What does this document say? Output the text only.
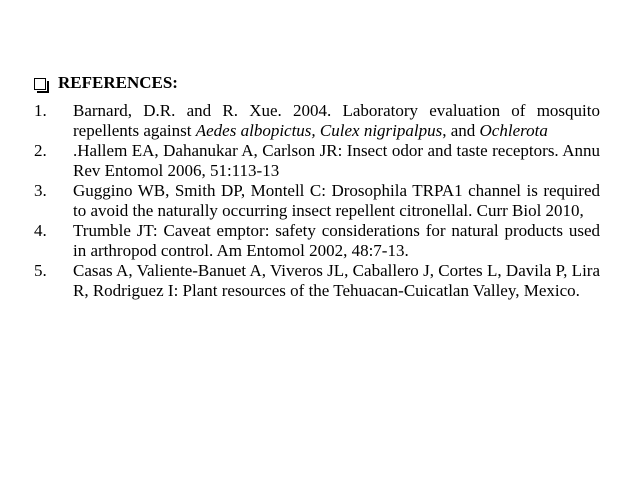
REFERENCES:
1.	Barnard, D.R. and R. Xue. 2004. Laboratory evaluation of mosquito repellents against Aedes albopictus, Culex nigripalpus, and Ochlerota
2.	.Hallem EA, Dahanukar A, Carlson JR: Insect odor and taste receptors. Annu Rev Entomol 2006, 51:113-13
3.	Guggino WB, Smith DP, Montell C: Drosophila TRPA1 channel is required to avoid the naturally occurring insect repellent citronellal. Curr Biol 2010,
4.	Trumble JT: Caveat emptor: safety considerations for natural products used in arthropod control. Am Entomol 2002, 48:7-13.
5.	Casas A, Valiente-Banuet A, Viveros JL, Caballero J, Cortes L, Davila P, Lira R, Rodriguez I: Plant resources of the Tehuacan-Cuicatlan Valley, Mexico.
